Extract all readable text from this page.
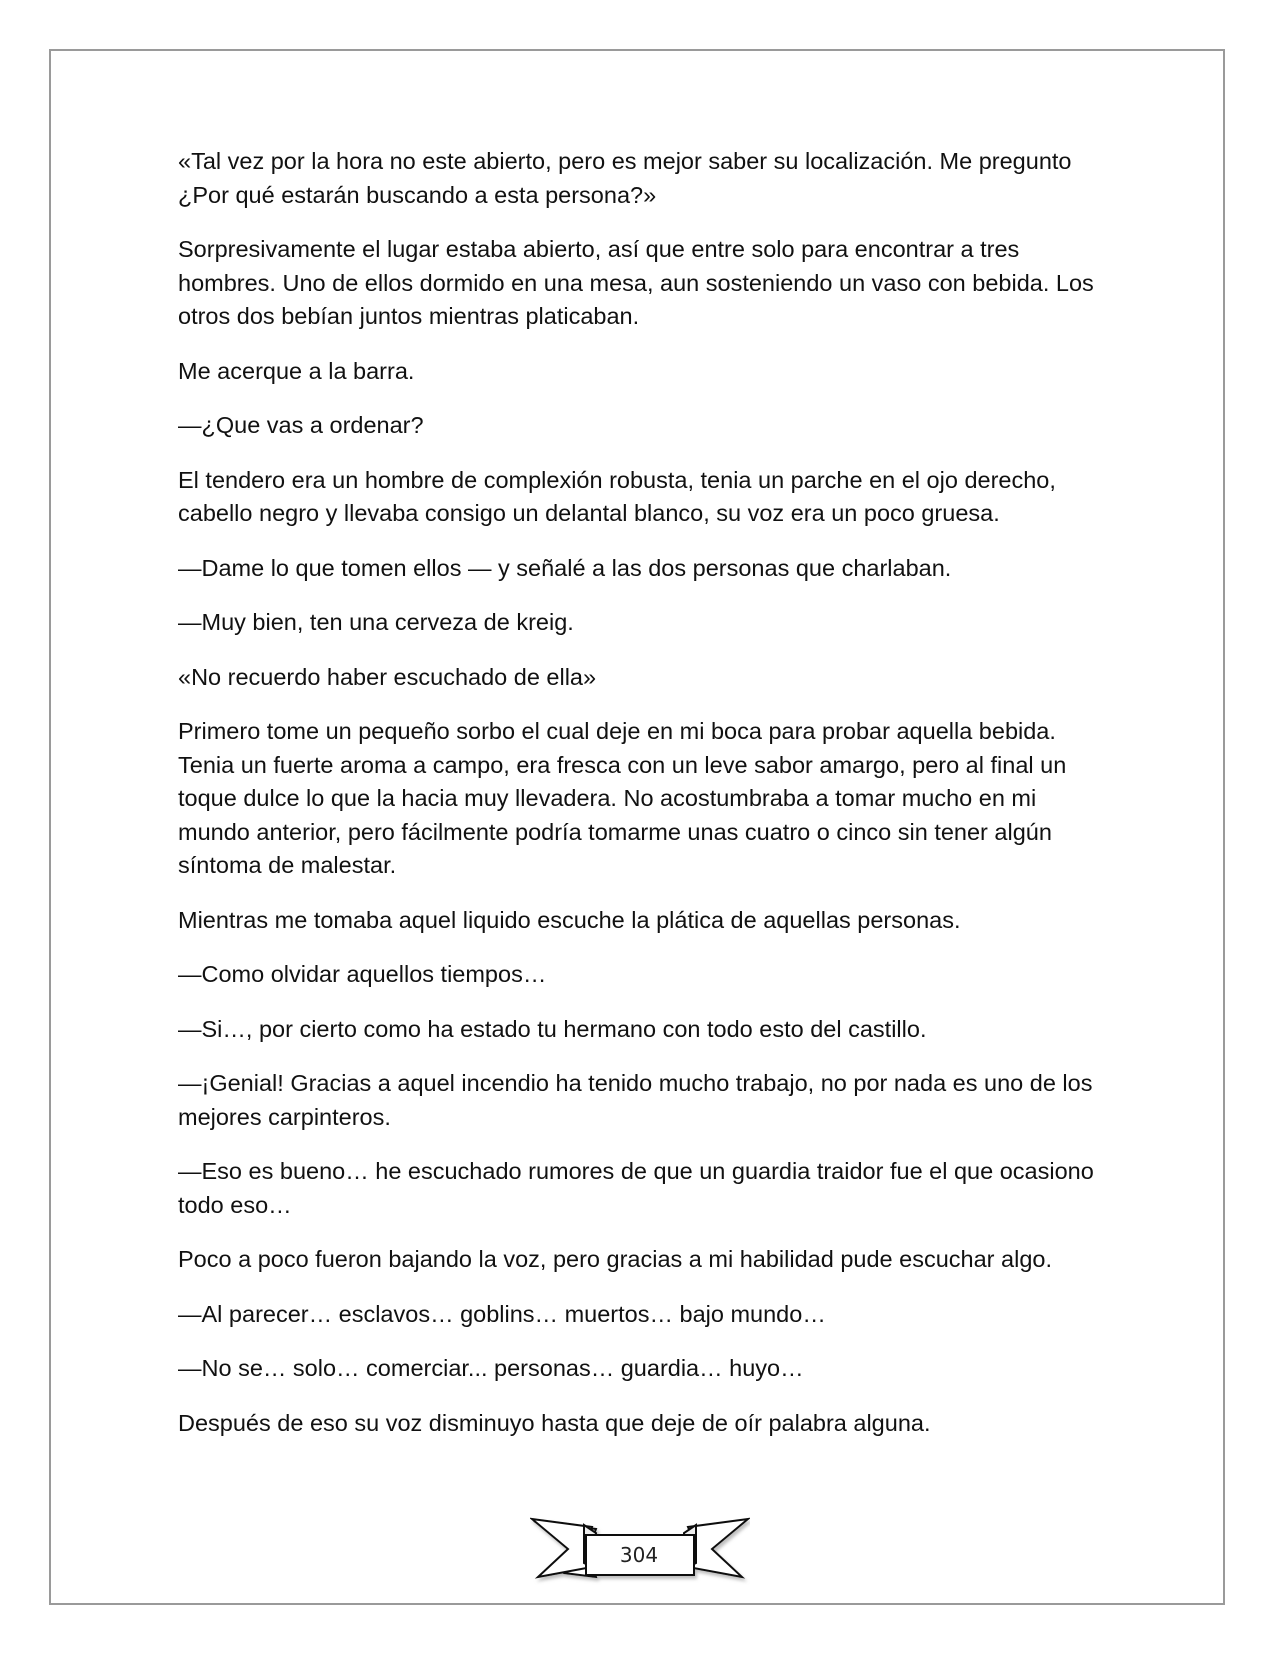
«Tal vez por la hora no este abierto, pero es mejor saber su localización. Me pregunto ¿Por qué estarán buscando a esta persona?»

Sorpresivamente el lugar estaba abierto, así que entre solo para encontrar a tres hombres. Uno de ellos dormido en una mesa, aun sosteniendo un vaso con bebida. Los otros dos bebían juntos mientras platicaban.

Me acerque a la barra.

—¿Que vas a ordenar?

El tendero era un hombre de complexión robusta, tenia un parche en el ojo derecho, cabello negro y llevaba consigo un delantal blanco, su voz era un poco gruesa.

—Dame lo que tomen ellos — y señalé a las dos personas que charlaban.

—Muy bien, ten una cerveza de kreig.

«No recuerdo haber escuchado de ella»

Primero tome un pequeño sorbo el cual deje en mi boca para probar aquella bebida. Tenia un fuerte aroma a campo, era fresca con un leve sabor amargo, pero al final un toque dulce lo que la hacia muy llevadera. No acostumbraba a tomar mucho en mi mundo anterior, pero fácilmente podría tomarme unas cuatro o cinco sin tener algún síntoma de malestar.

Mientras me tomaba aquel liquido escuche la plática de aquellas personas.

—Como olvidar aquellos tiempos…

—Si…, por cierto como ha estado tu hermano con todo esto del castillo.

—¡Genial! Gracias a aquel incendio ha tenido mucho trabajo, no por nada es uno de los mejores carpinteros.

—Eso es bueno… he escuchado rumores de que un guardia traidor fue el que ocasiono todo eso…

Poco a poco fueron bajando la voz, pero gracias a mi habilidad pude escuchar algo.

—Al parecer… esclavos… goblins… muertos… bajo mundo…

—No se… solo… comerciar... personas… guardia… huyo…

Después de eso su voz disminuyo hasta que deje de oír palabra alguna.

304
